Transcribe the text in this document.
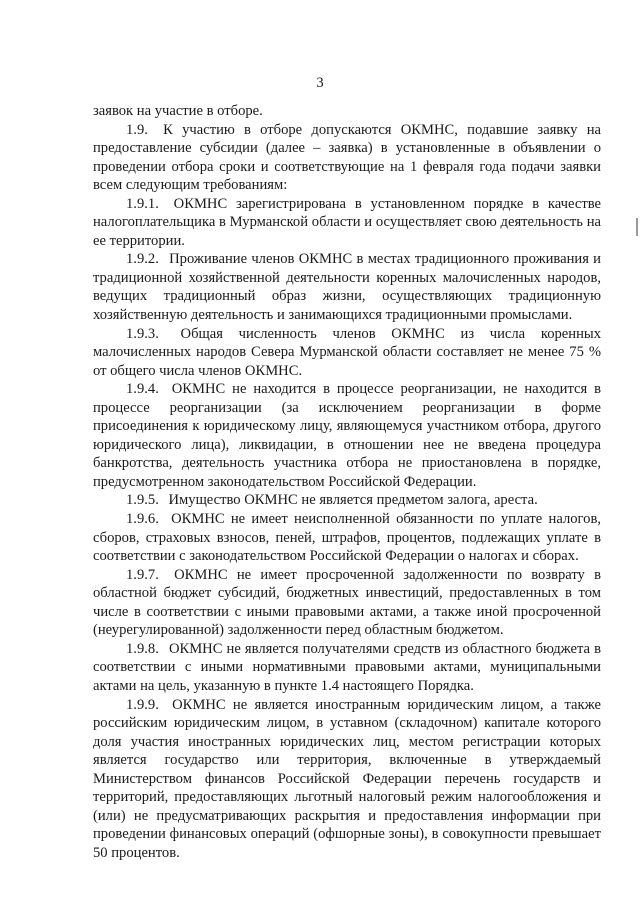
3

заявок на участие в отборе.

1.9. К участию в отборе допускаются ОКМНС, подавшие заявку на предоставление субсидии (далее – заявка) в установленные в объявлении о проведении отбора сроки и соответствующие на 1 февраля года подачи заявки всем следующим требованиям:

1.9.1. ОКМНС зарегистрирована в установленном порядке в качестве налогоплательщика в Мурманской области и осуществляет свою деятельность на ее территории.

1.9.2. Проживание членов ОКМНС в местах традиционного проживания и традиционной хозяйственной деятельности коренных малочисленных народов, ведущих традиционный образ жизни, осуществляющих традиционную хозяйственную деятельность и занимающихся традиционными промыслами.

1.9.3. Общая численность членов ОКМНС из числа коренных малочисленных народов Севера Мурманской области составляет не менее 75 % от общего числа членов ОКМНС.

1.9.4. ОКМНС не находится в процессе реорганизации, не находится в процессе реорганизации (за исключением реорганизации в форме присоединения к юридическому лицу, являющемуся участником отбора, другого юридического лица), ликвидации, в отношении нее не введена процедура банкротства, деятельность участника отбора не приостановлена в порядке, предусмотренном законодательством Российской Федерации.

1.9.5. Имущество ОКМНС не является предметом залога, ареста.

1.9.6. ОКМНС не имеет неисполненной обязанности по уплате налогов, сборов, страховых взносов, пеней, штрафов, процентов, подлежащих уплате в соответствии с законодательством Российской Федерации о налогах и сборах.

1.9.7. ОКМНС не имеет просроченной задолженности по возврату в областной бюджет субсидий, бюджетных инвестиций, предоставленных в том числе в соответствии с иными правовыми актами, а также иной просроченной (неурегулированной) задолженности перед областным бюджетом.

1.9.8. ОКМНС не является получателями средств из областного бюджета в соответствии с иными нормативными правовыми актами, муниципальными актами на цель, указанную в пункте 1.4 настоящего Порядка.

1.9.9. ОКМНС не является иностранным юридическим лицом, а также российским юридическим лицом, в уставном (складочном) капитале которого доля участия иностранных юридических лиц, местом регистрации которых является государство или территория, включенные в утверждаемый Министерством финансов Российской Федерации перечень государств и территорий, предоставляющих льготный налоговый режим налогообложения и (или) не предусматривающих раскрытия и предоставления информации при проведении финансовых операций (офшорные зоны), в совокупности превышает 50 процентов.
